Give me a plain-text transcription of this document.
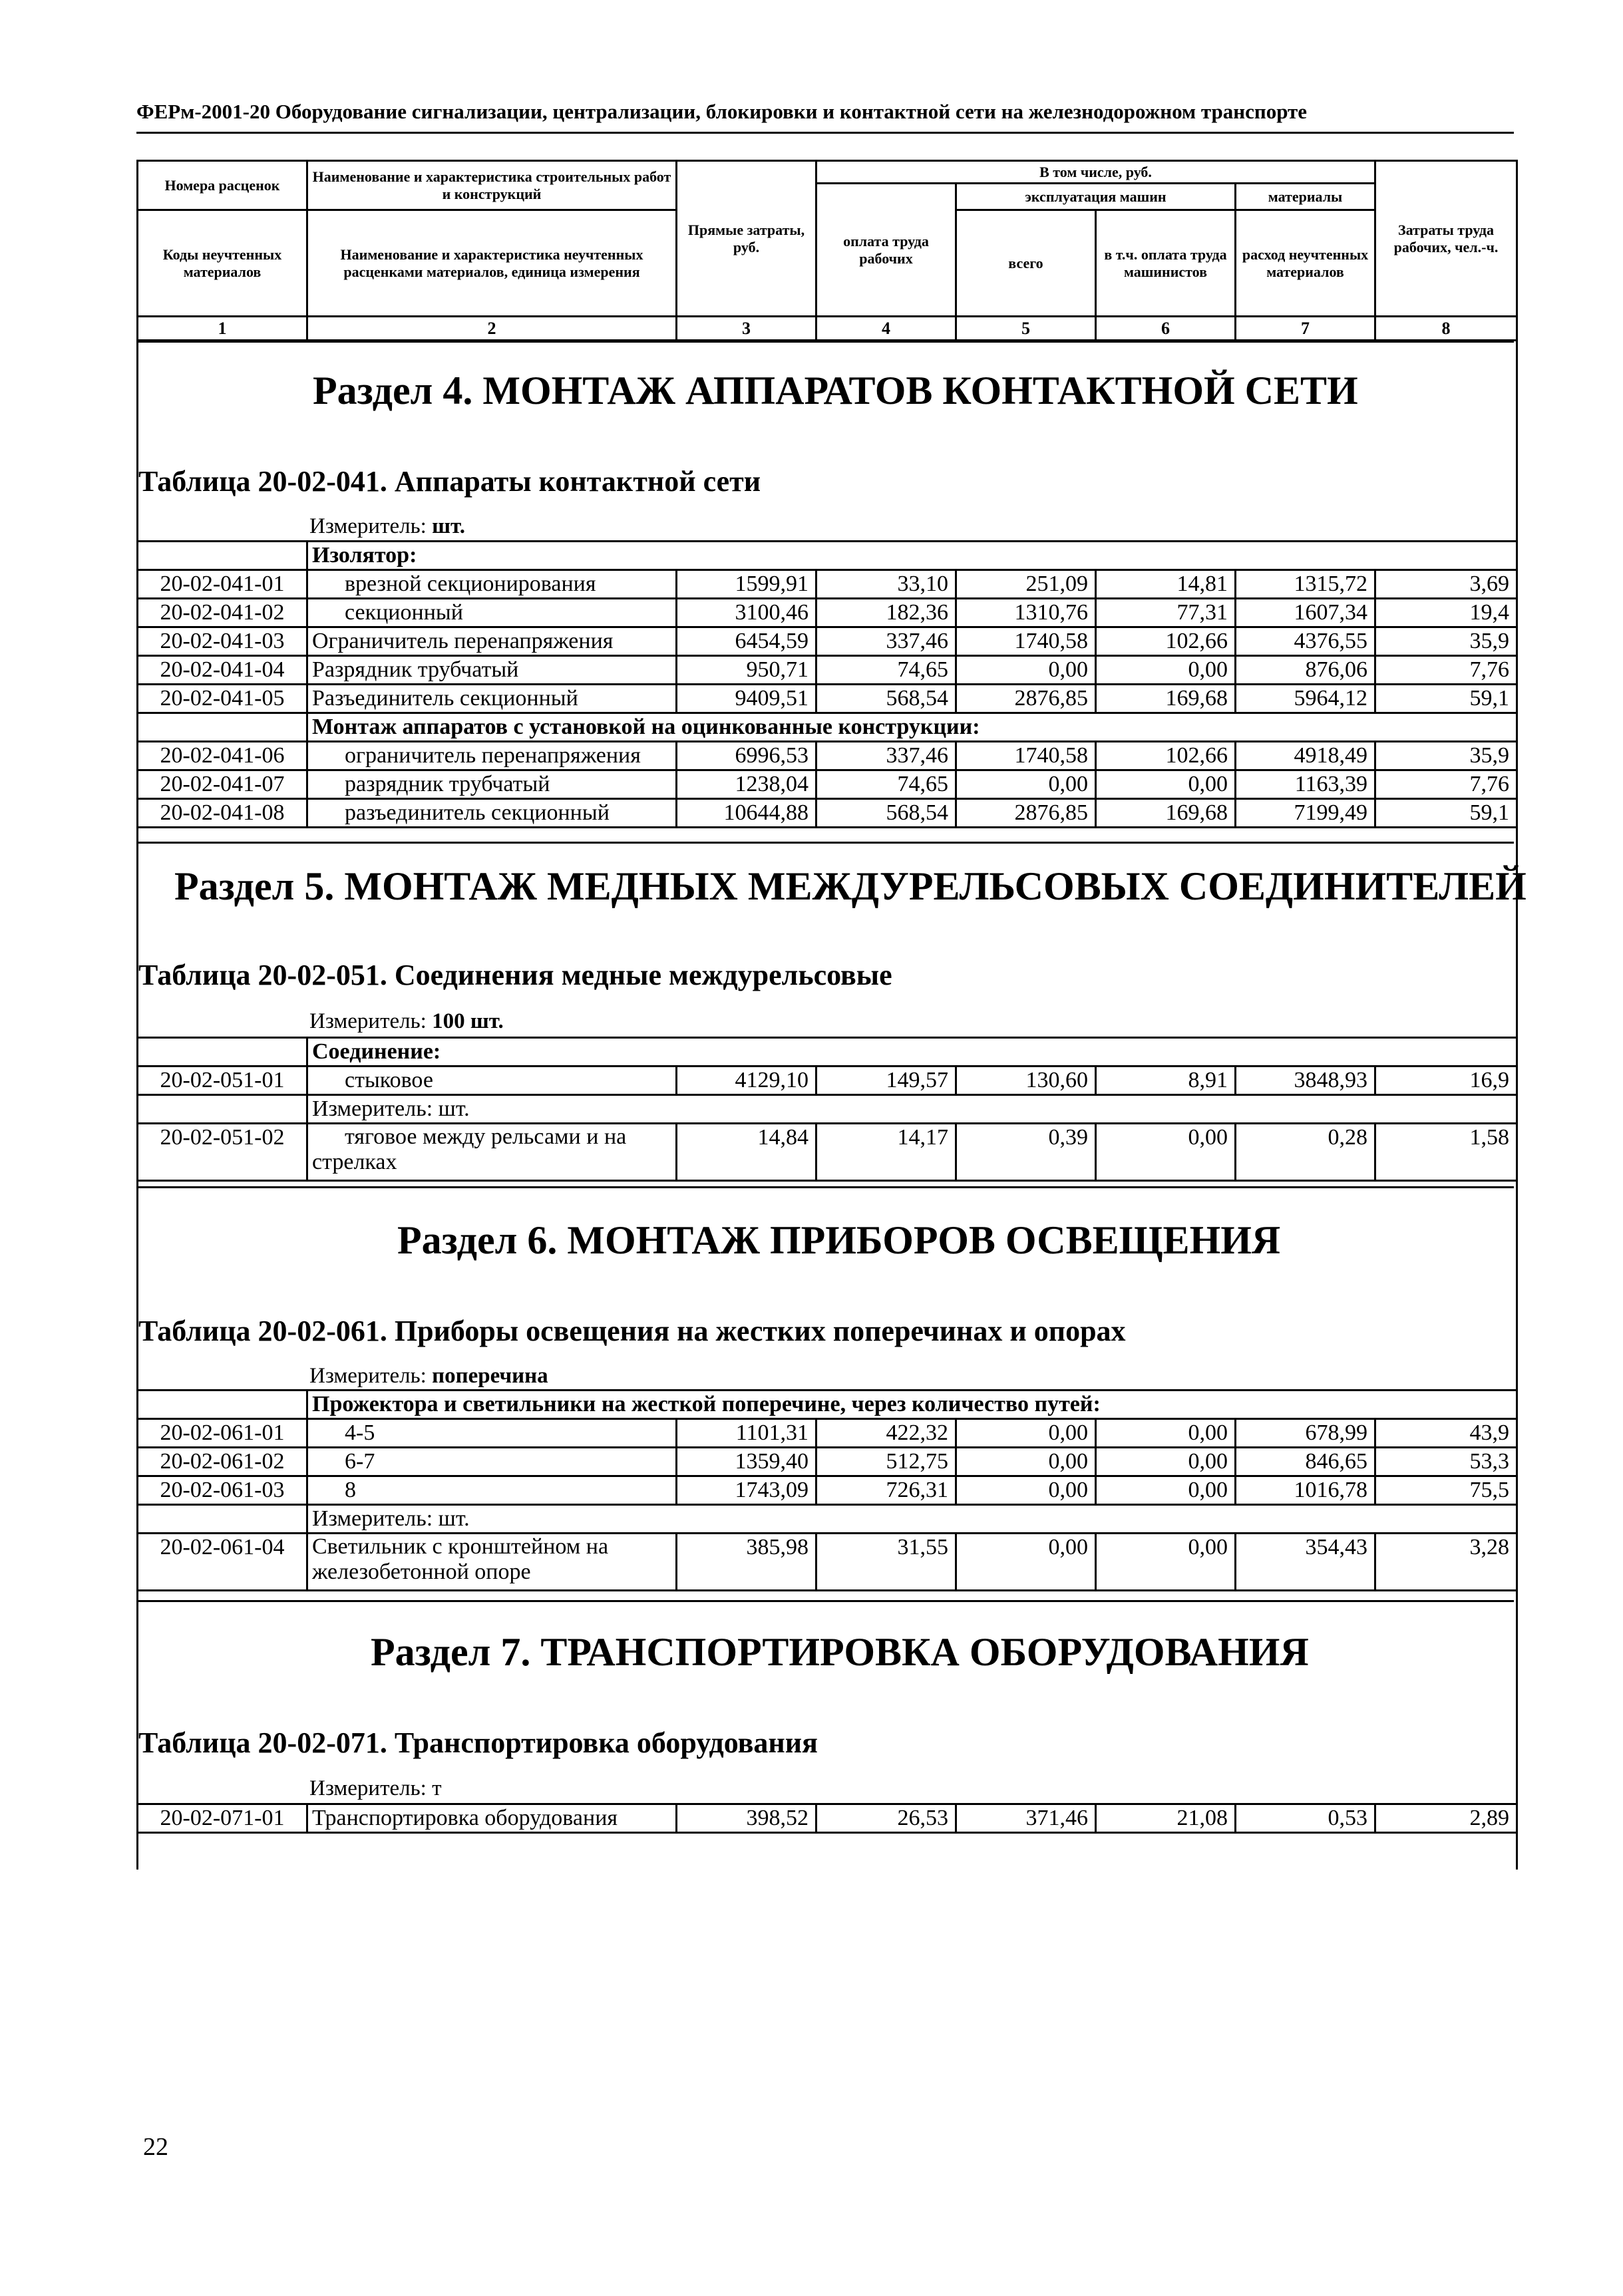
ФЕРм-2001-20 Оборудование сигнализации, централизации, блокировки и контактной сети на железнодорожном транспорте
Номера расценок	Наименование и характеристика строительных работ и конструкций	Прямые затраты, руб.	В том числе, руб.				Затраты труда рабочих, чел.-ч.
			оплата труда рабочих	эксплуатация машин		материалы	
Коды неучтенных материалов	Наименование и характеристика неучтенных расценками материалов, единица измерения			всего	в т.ч. оплата труда машинистов	расход неучтенных материалов	

1	2	3	4	5	6	7	8
Раздел 4. МОНТАЖ АППАРАТОВ КОНТАКТНОЙ СЕТИ
Таблица 20-02-041. Аппараты контактной сети
Измеритель: шт.
	Изолятор:						
20-02-041-01	врезной секционирования	1599,91	33,10	251,09	14,81	1315,72	3,69
20-02-041-02	секционный	3100,46	182,36	1310,76	77,31	1607,34	19,4
20-02-041-03	Ограничитель перенапряжения	6454,59	337,46	1740,58	102,66	4376,55	35,9
20-02-041-04	Разрядник трубчатый	950,71	74,65	0,00	0,00	876,06	7,76
20-02-041-05	Разъединитель секционный	9409,51	568,54	2876,85	169,68	5964,12	59,1
	Монтаж аппаратов с установкой на оцинкованные конструкции:						
20-02-041-06	ограничитель перенапряжения	6996,53	337,46	1740,58	102,66	4918,49	35,9
20-02-041-07	разрядник трубчатый	1238,04	74,65	0,00	0,00	1163,39	7,76
20-02-041-08	разъединитель секционный	10644,88	568,54	2876,85	169,68	7199,49	59,1
Раздел 5. МОНТАЖ МЕДНЫХ МЕЖДУРЕЛЬСОВЫХ СОЕДИНИТЕЛЕЙ
Таблица 20-02-051. Соединения медные междурельсовые
Измеритель: 100 шт.
	Соединение:						
20-02-051-01	стыковое	4129,10	149,57	130,60	8,91	3848,93	16,9
	Измеритель: шт.						
20-02-051-02	тяговое между рельсами и на
стрелках	14,84	14,17	0,39	0,00	0,28	1,58
Раздел 6. МОНТАЖ ПРИБОРОВ ОСВЕЩЕНИЯ
Таблица 20-02-061. Приборы освещения на жестких поперечинах и опорах
Измеритель: поперечина
	Прожектора и светильники на жесткой поперечине, через количество путей:						
20-02-061-01	4-5	1101,31	422,32	0,00	0,00	678,99	43,9
20-02-061-02	6-7	1359,40	512,75	0,00	0,00	846,65	53,3
20-02-061-03	8	1743,09	726,31	0,00	0,00	1016,78	75,5
	Измеритель: шт.						
20-02-061-04	Светильник с кронштейном на
железобетонной опоре	385,98	31,55	0,00	0,00	354,43	3,28
Раздел 7. ТРАНСПОРТИРОВКА ОБОРУДОВАНИЯ
Таблица 20-02-071. Транспортировка оборудования
Измеритель: т
20-02-071-01	Транспортировка оборудования	398,52	26,53	371,46	21,08	0,53	2,89
22
